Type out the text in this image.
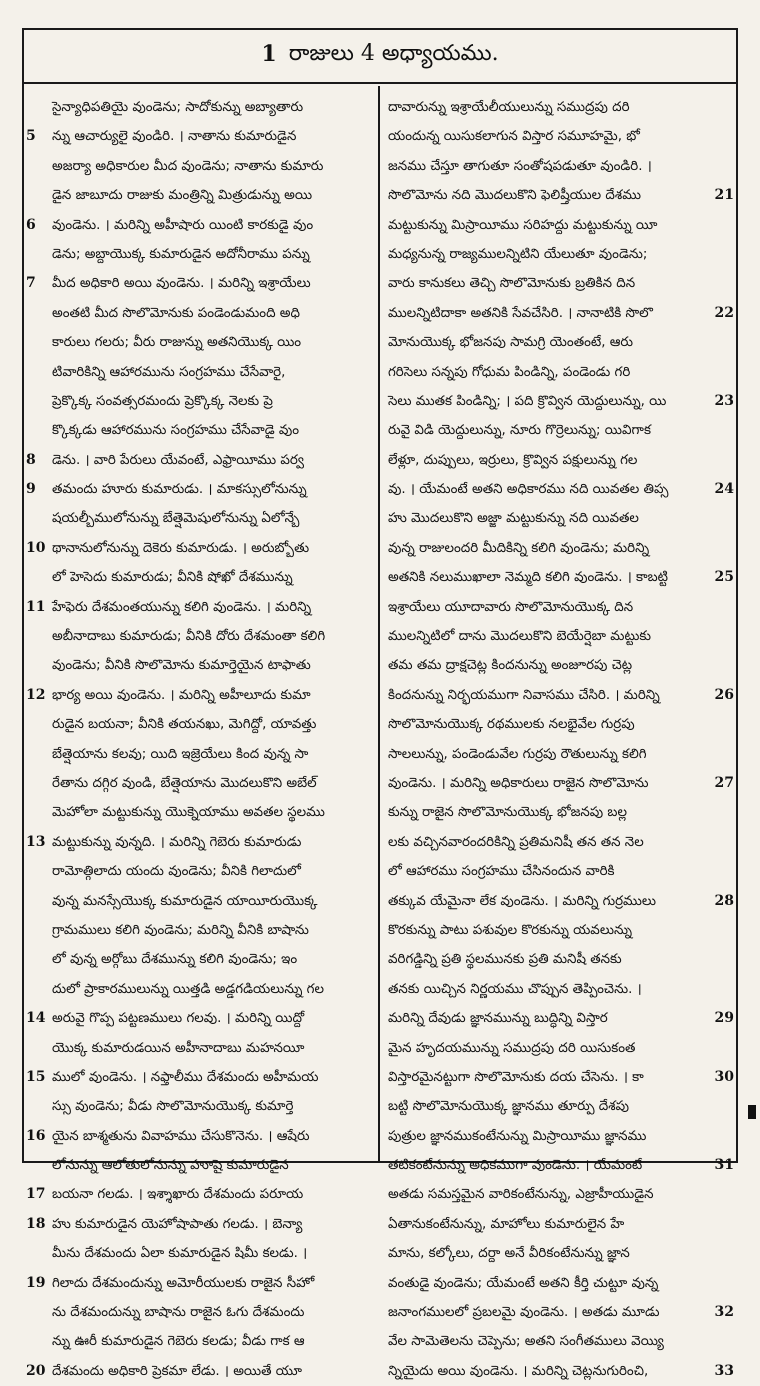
1 రాజులు 4 అధ్యాయము.
సైన్యాధిపతియై వుండెను; సాదోకున్ను అబ్యాతారు
న్ను ఆచార్యులై వుండిరి. । నాతాను కుమారుడైన
5
అజర్యా అధికారుల మీద వుండెను; నాతాను కుమారు
డైన జాబూదు రాజుకు మంత్రిన్ని మిత్రుడున్ను అయి
వుండెను. । మరిన్ని అహీషారు యింటి కారకుడై వుం
6
డెను; అబ్దాయొక్క కుమారుడైన అదోనీరాము పన్ను
మీద అధికారి అయి వుండెను. । మరిన్ని ఇశ్రాయేలు
7
అంతటి మీద సొలొమోనుకు పండెండుమంది అధి
కారులు గలరు; వీరు రాజున్ను అతనియొక్క యిం
టివారికిన్ని ఆహారమును సంగ్రహము చేసేవారై,
ప్రెక్కొక్క సంవత్సరమందు ప్రెక్కొక్క నెలకు ప్రె
క్కొక్కడు ఆహారమును సంగ్రహము చేసేవాడై వుం
డెను. । వారి పేరులు యేవంటే, ఎఫ్రాయీము పర్వ
8
తమందు హూరు కుమారుడు. । మాకస్సులోనున్ను
9
షయల్బీములోనున్ను బేత్షెమెషులోనున్ను ఏలోన్బే
థానానులోనున్ను దెకెరు కుమారుడు. । అరుబ్బోతు
10
లో హెసెదు కుమారుడు; వీనికి షోఖో దేశమున్ను
హేఫెరు దేశమంతయున్ను కలిగి వుండెను. । మరిన్ని
11
అబీనాదాబు కుమారుడు; వీనికి దోరు దేశమంతా కలిగి
వుండెను; వీనికి సొలొమోను కుమార్తెయైన టాఫాతు
భార్య అయి వుండెను. । మరిన్ని అహీలూదు కుమా
12
రుడైన బయనా; వీనికి తయనఖు, మెగిద్దో, యావత్తు
బేత్షెయాను కలవు; యిది ఇజ్రెయేలు కింద వున్న సా
రేతాను దగ్గిర వుండి, బేత్షెయాను మొదలుకొని అబేల్
మెహోలా మట్టుకున్ను యొక్నెయాము అవతల స్థలము
మట్టుకున్ను వున్నది. । మరిన్ని గెబెరు కుమారుడు
13
రామోత్గిలాదు యందు వుండెను; వీనికి గిలాదులో
వున్న మనస్సేయొక్క కుమారుడైన యాయీరుయొక్క
గ్రామములు కలిగి వుండెను; మరిన్ని వీనికి బాషాను
లో వున్న అర్గోబు దేశమున్ను కలిగి వుండెను; ఇం
దులో ప్రాకారములున్ను యిత్తడి అడ్డగడియలున్ను గల
అరువై గొప్ప పట్టణములు గలవు. । మరిన్ని యిద్దో
14
యొక్క కుమారుడయిన అహీనాదాబు మహనయీ
ములో వుండెను. । నఫ్తాలీము దేశమందు అహీమయ
15
స్సు వుండెను; వీడు సొలొమోనుయొక్క కుమార్తె
యైన బాశ్మతును వివాహము చేసుకొనెను. । ఆషేరు
16
లోనున్ను ఆలోతులోనున్ను హూషై కుమారుడైన
బయనా గలడు. । ఇశ్శాఖారు దేశమందు పరూయ
17
హు కుమారుడైన యెహోషాపాతు గలడు. । బెన్యా
18
మీను దేశమందు ఏలా కుమారుడైన షిమీ కలడు. ।
గిలాదు దేశమందున్ను అమోరీయులకు రాజైన సీహో
19
ను దేశమందున్ను బాషాను రాజైన ఓగు దేశమందు
న్ను ఊరీ కుమారుడైన గెబెరు కలడు; వీడు గాక ఆ
దేశమందు అధికారి ప్రెకమా లేడు. । అయితే యూ
20
దావారున్ను ఇశ్రాయేలీయులున్ను సముద్రపు దరి
యందున్న యిసుకలాగున విస్తార సమూహమై, భో
జనము చేస్తూ తాగుతూ సంతోషపడుతూ వుండిరి. ।
సొలొమోను నది మొదలుకొని ఫెలిష్తీయుల దేశము	21
మట్టుకున్ను మిస్రాయీము సరిహద్దు మట్టుకున్ను యీ
మధ్యనున్న రాజ్యములన్నిటిని యేలుతూ వుండెను;
వారు కానుకలు తెచ్చి సొలొమోనుకు బ్రతికిన దిన
ములన్నిటిదాకా అతనికి సేవచేసిరి. । నానాటికి సొలొ	22
మోనుయొక్క భోజనపు సామగ్రి యెంతంటే, ఆరు
గరిసెలు సన్నపు గోధుమ పిండిన్ని, పండెండు గరి
సెలు ముతక పిండిన్ని; । పది క్రొవ్విన యెద్దులున్ను, యి	23
రువై విడి యెద్దులున్ను, నూరు గొర్రెలున్ను; యివిగాక
లేళ్లూ, దుప్పులు, ఇర్రులు, క్రొవ్విన పక్షులున్ను గల
వు. । యేమంటే అతని అధికారము నది యివతల తిప్స	24
హు మొదలుకొని అజ్జా మట్టుకున్ను నది యివతల
వున్న రాజులందరి మీదికిన్ని కలిగి వుండెను; మరిన్ని
అతనికి నలుముఖాలా నెమ్మది కలిగి వుండెను. । కాబట్టి	25
ఇశ్రాయేలు యూదావారు సొలొమోనుయొక్క దిన
ములన్నిటిలో దాను మొదలుకొని బెయేర్షెబా మట్టుకు
తమ తమ ద్రాక్షచెట్ల కిందనున్ను అంజూరపు చెట్ల
కిందనున్ను నిర్భయముగా నివాసము చేసిరి. । మరిన్ని	26
సొలొమోనుయొక్క రథములకు నలభైవేల గుర్రపు
సాలలున్ను, పండెండువేల గుర్రపు రౌతులున్ను కలిగి
వుండెను. । మరిన్ని అధికారులు రాజైన సొలొమోను	27
కున్ను రాజైన సొలొమోనుయొక్క భోజనపు బల్ల
లకు వచ్చినవారందరికిన్ని ప్రతిమనిషీ తన తన నెల
లో ఆహారము సంగ్రహము చేసినందున వారికి
తక్కువ యేమైనా లేక వుండెను. । మరిన్ని గుర్రములు	28
కొరకున్ను పాటు పశువుల కొరకున్ను యవలున్ను
వరిగడ్డిన్ని ప్రతి స్థలమునకు ప్రతి మనిషీ తనకు
తనకు యిచ్చిన నిర్ణయము చొప్పున తెప్పించెను. ।
మరిన్ని దేవుడు జ్ఞానమున్ను బుద్ధిన్ని విస్తార	29
మైన హృదయమున్ను సముద్రపు దరి యిసుకంత
విస్తారమైనట్టుగా సొలొమోనుకు దయ చేసెను. । కా	30
బట్టి సొలొమోనుయొక్క జ్ఞానము తూర్పు దేశపు
పుత్రుల జ్ఞానముకంటేనున్ను మిస్రాయీము జ్ఞానము
తటికంటేనున్ను అధికముగా వుండెను. । యేమంటే	31
అతడు సమస్తమైన వారికంటేనున్ను, ఎజ్రాహీయుడైన
ఏతానుకంటేనున్ను, మాహోలు కుమారులైన హే
మాను, కల్కోలు, దర్దా అనే వీరికంటేనున్ను జ్ఞాన
వంతుడై వుండెను; యేమంటే అతని కీర్తి చుట్టూ వున్న
జనాంగములలో ప్రబలమై వుండెను. । అతడు మూడు	32
వేల సామెతెలను చెప్పెను; అతని సంగీతములు వెయ్యి
న్నియైదు అయి వుండెను. । మరిన్ని చెట్లనుగురించి,	33
